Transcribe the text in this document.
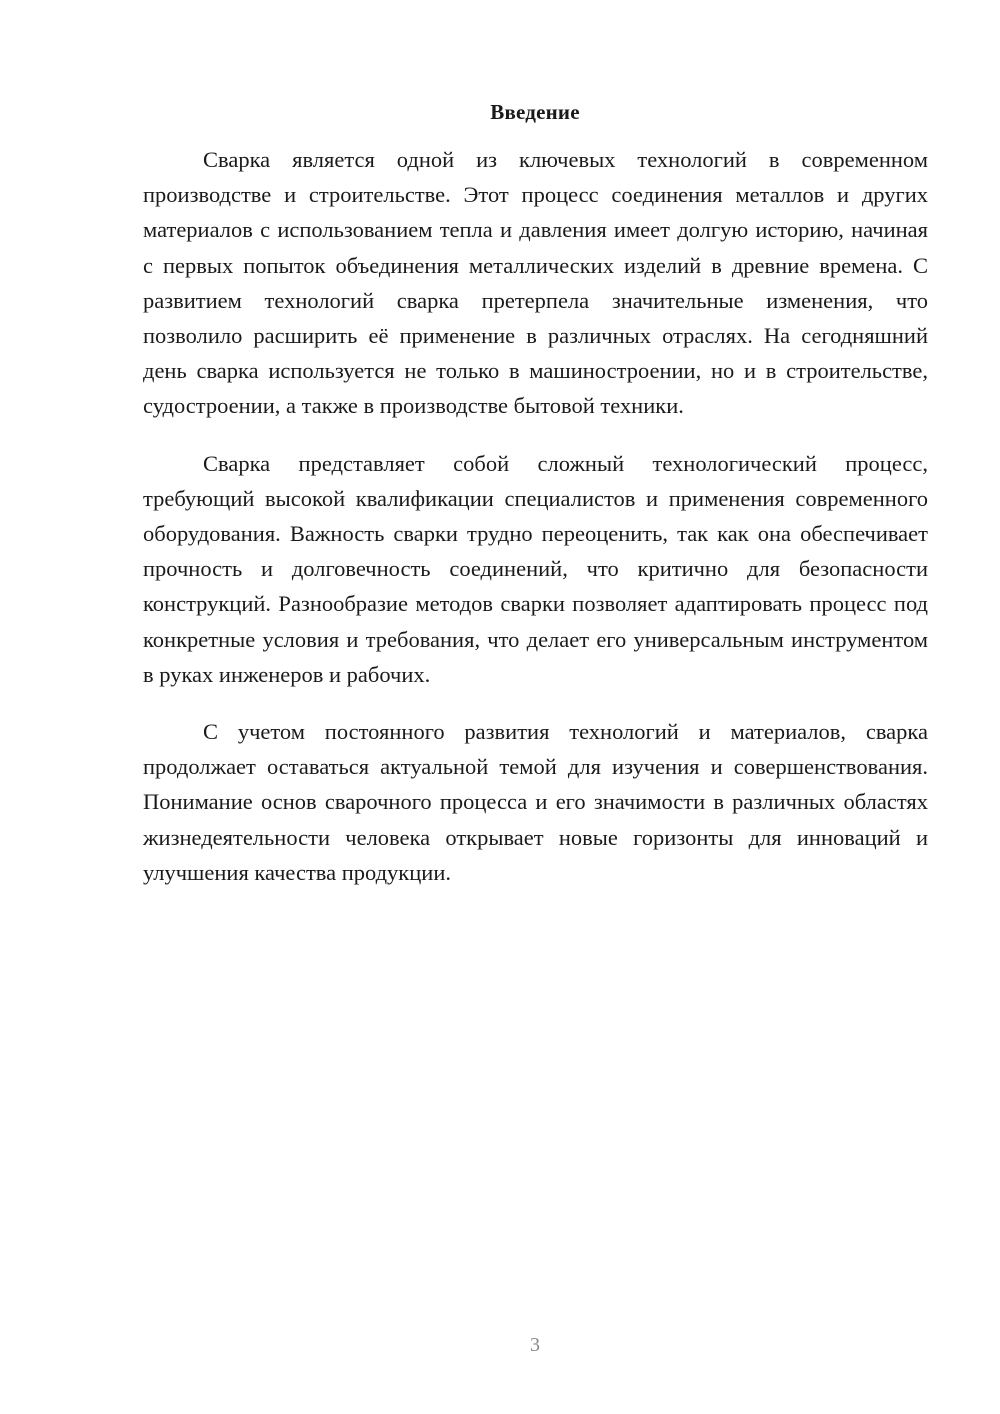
Введение

Сварка является одной из ключевых технологий в современном производстве и строительстве. Этот процесс соединения металлов и других материалов с использованием тепла и давления имеет долгую историю, начиная с первых попыток объединения металлических изделий в древние времена. С развитием технологий сварка претерпела значительные изменения, что позволило расширить её применение в различных отраслях. На сегодняшний день сварка используется не только в машиностроении, но и в строительстве, судостроении, а также в производстве бытовой техники.

Сварка представляет собой сложный технологический процесс, требующий высокой квалификации специалистов и применения современного оборудования. Важность сварки трудно переоценить, так как она обеспечивает прочность и долговечность соединений, что критично для безопасности конструкций. Разнообразие методов сварки позволяет адаптировать процесс под конкретные условия и требования, что делает его универсальным инструментом в руках инженеров и рабочих.

С учетом постоянного развития технологий и материалов, сварка продолжает оставаться актуальной темой для изучения и совершенствования. Понимание основ сварочного процесса и его значимости в различных областях жизнедеятельности человека открывает новые горизонты для инноваций и улучшения качества продукции.

3
